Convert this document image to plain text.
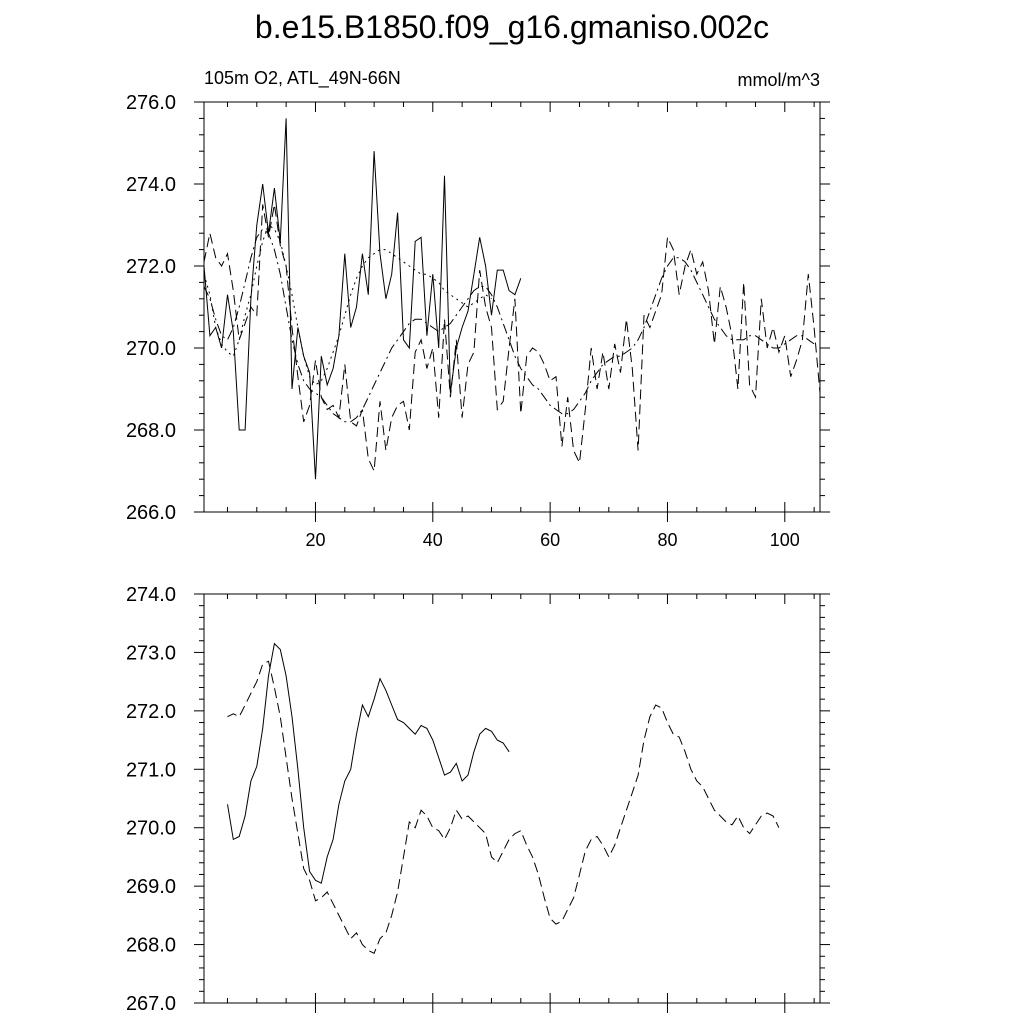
b.e15.B1850.f09_g16.gmaniso.002c
105m O2, ATL_49N-66N	mmol/m^3
20	40	60	80	100
266.0
268.0
270.0
272.0
274.0
276.0
267.0
268.0
269.0
270.0
271.0
272.0
273.0
274.0
